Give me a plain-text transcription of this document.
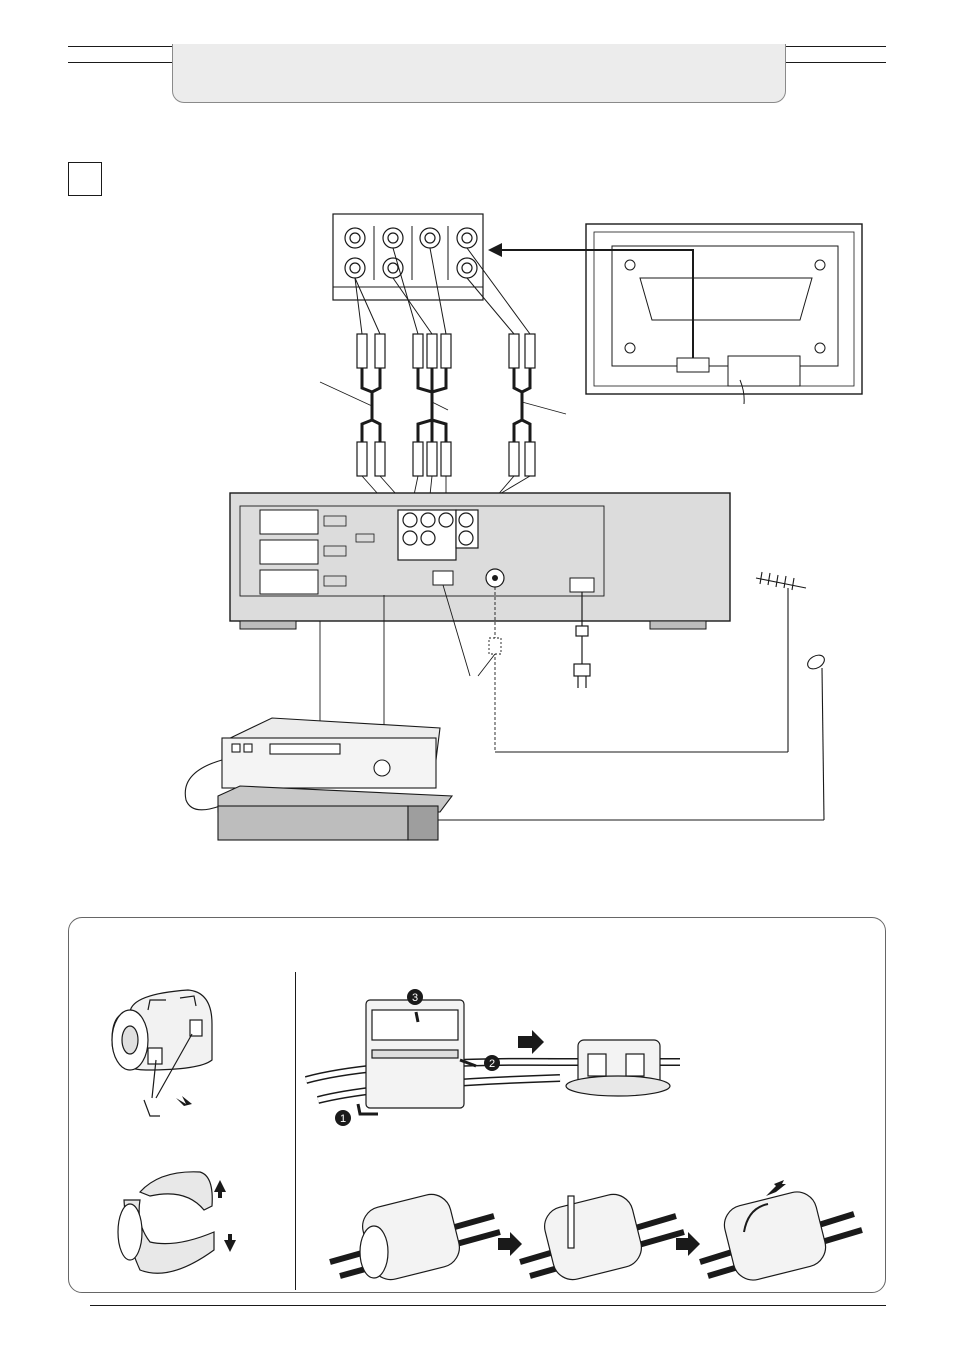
3
2
1
